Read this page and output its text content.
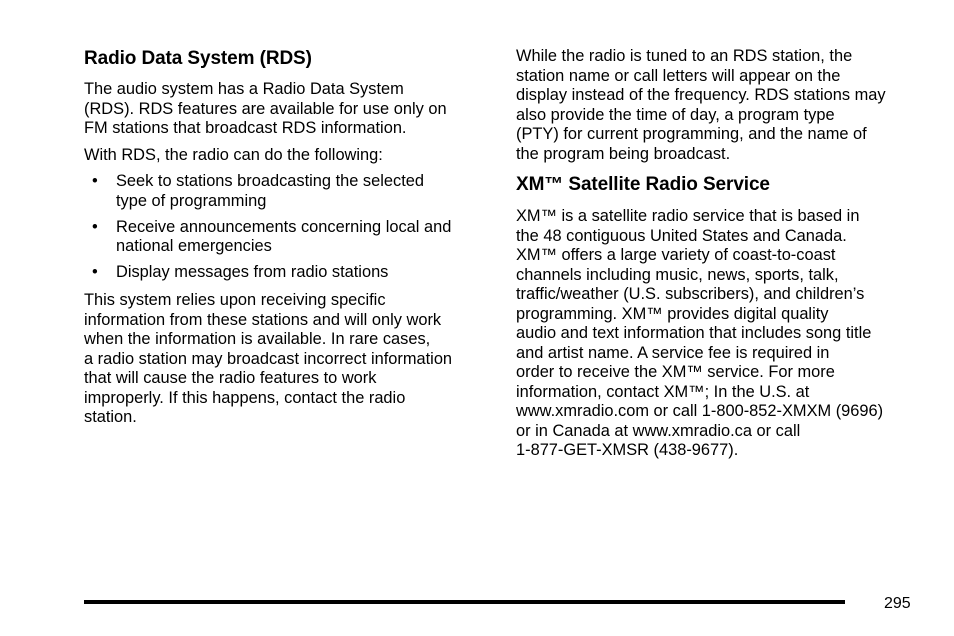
Radio Data System (RDS)

The audio system has a Radio Data System
(RDS). RDS features are available for use only on
FM stations that broadcast RDS information.

With RDS, the radio can do the following:

• Seek to stations broadcasting the selected
type of programming
• Receive announcements concerning local and
national emergencies
• Display messages from radio stations

This system relies upon receiving specific
information from these stations and will only work
when the information is available. In rare cases,
a radio station may broadcast incorrect information
that will cause the radio features to work
improperly. If this happens, contact the radio
station.

While the radio is tuned to an RDS station, the
station name or call letters will appear on the
display instead of the frequency. RDS stations may
also provide the time of day, a program type
(PTY) for current programming, and the name of
the program being broadcast.

XM™ Satellite Radio Service

XM™ is a satellite radio service that is based in
the 48 contiguous United States and Canada.
XM™ offers a large variety of coast-to-coast
channels including music, news, sports, talk,
traffic/weather (U.S. subscribers), and children’s
programming. XM™ provides digital quality
audio and text information that includes song title
and artist name. A service fee is required in
order to receive the XM™ service. For more
information, contact XM™; In the U.S. at
www.xmradio.com or call 1-800-852-XMXM (9696)
or in Canada at www.xmradio.ca or call
1-877-GET-XMSR (438-9677).

295
